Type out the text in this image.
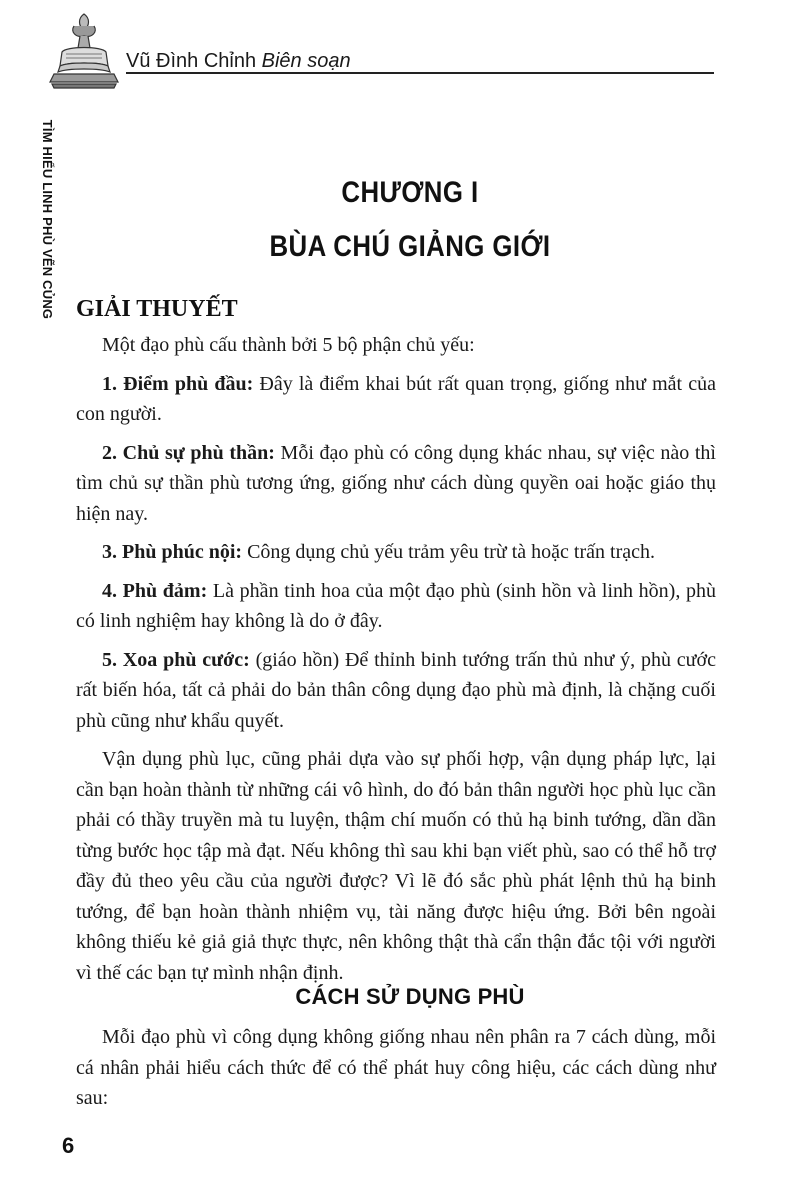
Vũ Đình Chỉnh Biên soạn
TÌM HIỂU LINH PHÙ VẼN CỦNG	CHƯƠNG I
BÙA CHÚ GIẢNG GIỚI
GIẢI THUYẾT

Một đạo phù cấu thành bởi 5 bộ phận chủ yếu:

1. Điểm phù đầu: Đây là điểm khai bút rất quan trọng, giống như mắt của con người.

2. Chủ sự phù thần: Mỗi đạo phù có công dụng khác nhau, sự việc nào thì tìm chủ sự thần phù tương ứng, giống như cách dùng quyền oai hoặc giáo thụ hiện nay.

3. Phù phúc nội: Công dụng chủ yếu trảm yêu trừ tà hoặc trấn trạch.

4. Phù đảm: Là phần tinh hoa của một đạo phù (sinh hồn và linh hồn), phù có linh nghiệm hay không là do ở đây.

5. Xoa phù cước: (giáo hồn) Để thỉnh binh tướng trấn thủ như ý, phù cước rất biến hóa, tất cả phải do bản thân công dụng đạo phù mà định, là chặng cuối phù cũng như khẩu quyết.

Vận dụng phù lục, cũng phải dựa vào sự phối hợp, vận dụng pháp lực, lại cần bạn hoàn thành từ những cái vô hình, do đó bản thân người học phù lục cần phải có thầy truyền mà tu luyện, thậm chí muốn có thủ hạ binh tướng, dần dần từng bước học tập mà đạt. Nếu không thì sau khi bạn viết phù, sao có thể hỗ trợ đầy đủ theo yêu cầu của người được? Vì lẽ đó sắc phù phát lệnh thủ hạ binh tướng, để bạn hoàn thành nhiệm vụ, tài năng được hiệu ứng. Bởi bên ngoài không thiếu kẻ giả giả thực thực, nên không thật thà cẩn thận đắc tội với người vì thế các bạn tự mình nhận định.

CÁCH SỬ DỤNG PHÙ

Mỗi đạo phù vì công dụng không giống nhau nên phân ra 7 cách dùng, mỗi cá nhân phải hiểu cách thức để có thể phát huy công hiệu, các cách dùng như sau:

6
